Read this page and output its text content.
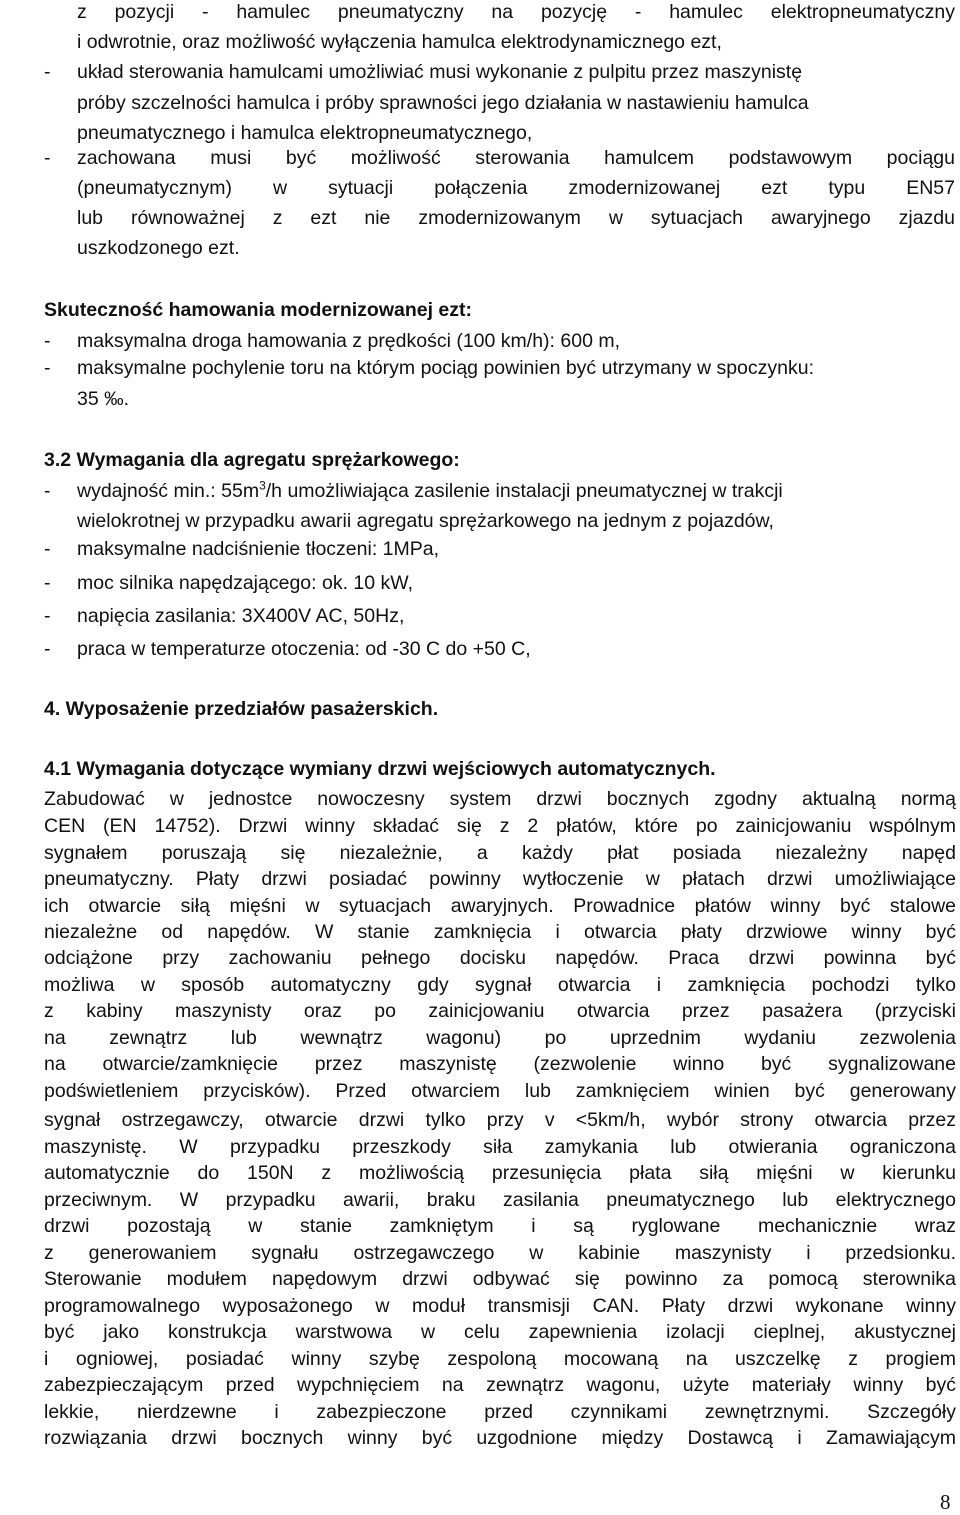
z pozycji - hamulec pneumatyczny na pozycję - hamulec elektropneumatyczny
i odwrotnie, oraz możliwość wyłączenia hamulca elektrodynamicznego ezt,
- układ sterowania hamulcami umożliwiać musi wykonanie z pulpitu przez maszynistę
próby szczelności hamulca i próby sprawności jego działania w nastawieniu hamulca
pneumatycznego i hamulca elektropneumatycznego,
- zachowana musi być możliwość sterowania hamulcem podstawowym pociągu
(pneumatycznym) w sytuacji połączenia zmodernizowanej ezt typu EN57
lub równoważnej z ezt nie zmodernizowanym w sytuacjach awaryjnego zjazdu
uszkodzonego ezt.
Skuteczność hamowania modernizowanej ezt:
- maksymalna droga hamowania z prędkości (100 km/h): 600 m,
- maksymalne pochylenie toru na którym pociąg powinien być utrzymany w spoczynku:
35 ‰.
3.2 Wymagania dla agregatu sprężarkowego:
- wydajność min.: $55m^3/h$ umożliwiająca zasilenie instalacji pneumatycznej w trakcji
wielokrotnej w przypadku awarii agregatu sprężarkowego na jednym z pojazdów,
- maksymalne nadciśnienie tłoczeni: 1MPa,
- moc silnika napędzającego: ok. 10 kW,
- napięcia zasilania: 3X400V AC, 50Hz,
- praca w temperaturze otoczenia: od -30 C do +50 C,
4. Wyposażenie przedziałów pasażerskich.
4.1 Wymagania dotyczące wymiany drzwi wejściowych automatycznych.
Zabudować w jednostce nowoczesny system drzwi bocznych zgodny aktualną normą
CEN (EN 14752). Drzwi winny składać się z 2 płatów, które po zainicjowaniu wspólnym
sygnałem poruszają się niezależnie, a każdy płat posiada niezależny napęd
pneumatyczny. Płaty drzwi posiadać powinny wytłoczenie w płatach drzwi umożliwiające
ich otwarcie siłą mięśni w sytuacjach awaryjnych. Prowadnice płatów winny być stalowe
niezależne od napędów. W stanie zamknięcia i otwarcia płaty drzwiowe winny być
odciążone przy zachowaniu pełnego docisku napędów. Praca drzwi powinna być
możliwa w sposób automatyczny gdy sygnał otwarcia i zamknięcia pochodzi tylko
z kabiny maszynisty oraz po zainicjowaniu otwarcia przez pasażera (przyciski
na zewnątrz lub wewnątrz wagonu) po uprzednim wydaniu zezwolenia
na otwarcie/zamknięcie przez maszynistę (zezwolenie winno być sygnalizowane
podświetleniem przycisków). Przed otwarciem lub zamknięciem winien być generowany
sygnał ostrzegawczy, otwarcie drzwi tylko przy v <5km/h, wybór strony otwarcia przez
maszynistę. W przypadku przeszkody siła zamykania lub otwierania ograniczona
automatycznie do 150N z możliwością przesunięcia płata siłą mięśni w kierunku
przeciwnym. W przypadku awarii, braku zasilania pneumatycznego lub elektrycznego
drzwi pozostają w stanie zamkniętym i są ryglowane mechanicznie wraz
z generowaniem sygnału ostrzegawczego w kabinie maszynisty i przedsionku.
Sterowanie modułem napędowym drzwi odbywać się powinno za pomocą sterownika
programowalnego wyposażonego w moduł transmisji CAN. Płaty drzwi wykonane winny
być jako konstrukcja warstwowa w celu zapewnienia izolacji cieplnej, akustycznej
i ogniowej, posiadać winny szybę zespoloną mocowaną na uszczelkę z progiem
zabezpieczającym przed wypchnięciem na zewnątrz wagonu, użyte materiały winny być
lekkie, nierdzewne i zabezpieczone przed czynnikami zewnętrznymi. Szczegóły
rozwiązania drzwi bocznych winny być uzgodnione między Dostawcą i Zamawiającym
8
